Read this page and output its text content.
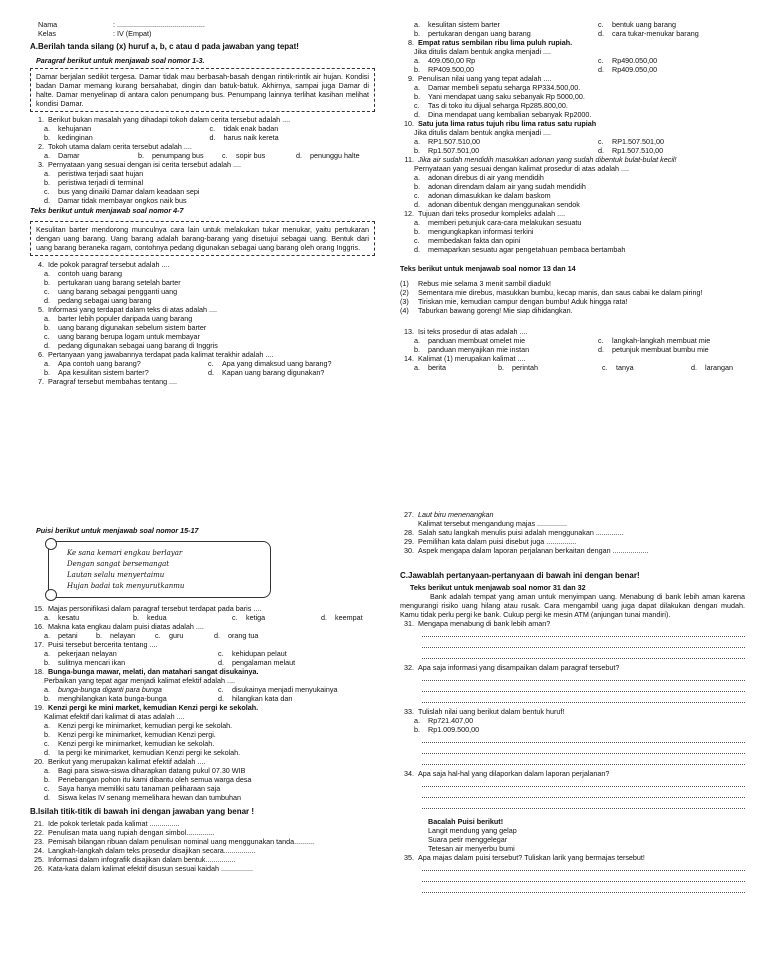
Nama	: ............................................
Kelas	: IV (Empat)
A.Berilah tanda silang (x) huruf a, b, c atau d pada jawaban yang tepat!
Paragraf berikut untuk menjawab soal nomor 1-3.
Damar berjalan sedikit tergesa. Damar tidak mau berbasah-basah dengan rintik-rintik air hujan. Kondisi badan Damar memang kurang bersahabat, dingin dan batuk-batuk. Akhirnya, sampai juga Damar di halte. Damar menyelinap di antara calon penumpang bus. Penumpang lainnya terlihat kasihan melihat kondisi Damar.
1. Berikut bukan masalah yang dihadapi tokoh dalam cerita tersebut adalah ....
a.	kehujanan	c.	tidak enak badan
b.	kedinginan	d.	harus naik kereta
2. Tokoh utama dalam cerita tersebut adalah ....
a.	Damar	b.	penumpang bus	c.	sopir bus	d.	penunggu halte
3. Pernyataan yang sesuai dengan isi cerita tersebut adalah ....
a.	peristiwa terjadi saat hujan
b.	peristiwa terjadi di terminal
c.	bus yang dinaiki Damar dalam keadaan sepi
d.	Damar tidak membayar ongkos naik bus
Teks berikut untuk menjawab soal nomor 4-7
Kesulitan barter mendorong munculnya cara lain untuk melakukan tukar menukar, yaitu pertukaran dengan uang barang. Uang barang adalah barang-barang yang disetujui sebagai uang. Bentuk dari uang barang beraneka ragam, contohnya pedang digunakan sebagai uang barang oleh orang Inggris.
4. Ide pokok paragraf tersebut adalah ....
a.	contoh uang barang
b.	pertukaran uang barang setelah barter
c.	uang barang sebagai pengganti uang
d.	pedang sebagai uang barang
5. Informasi yang terdapat dalam teks di atas adalah ....
a.	barter lebih populer daripada uang barang
b.	uang barang digunakan sebelum sistem barter
c.	uang barang berupa logam untuk membayar
d.	pedang digunakan sebagai uang barang di Inggris
6. Pertanyaan yang jawabannya terdapat pada kalimat terakhir adalah ....
a.	Apa contoh uang barang?	c.	Apa yang dimaksud uang barang?
b.	Apa kesulitan sistem barter?	d.	Kapan uang barang digunakan?
7. Paragraf tersebut membahas tentang ....
a.	kesulitan sistem barter	c.	bentuk uang barang
b.	pertukaran dengan uang barang	d.	cara tukar-menukar barang
8. Empat ratus sembilan ribu lima puluh rupiah.
Jika ditulis dalam bentuk angka menjadi ....
a.	409.050,00 Rp	c.	Rp490.050,00
b.	RP409.500,00	d.	Rp409.050,00
9. Penulisan nilai uang yang tepat adalah ....
a.	Damar membeli sepatu seharga RP334.500,00.
b.	Yani mendapat uang saku sebanyak Rp 5000,00.
c.	Tas di toko itu dijual seharga Rp285.800,00.
d.	Dina mendapat uang kembalian sebanyak Rp2000.
10. Satu juta lima ratus tujuh ribu lima ratus satu rupiah
Jika ditulis dalam bentuk angka menjadi ....
a.	RP1.507.510,00	c.	RP1.507.501,00
b.	Rp1.507.501,00	d.	Rp1.507.510,00
11. Jika air sudah mendidih masukkan adonan yang sudah dibentuk bulat-bulat kecil!
Pernyataan yang sesuai dengan kalimat prosedur di atas adalah ....
a.	adonan direbus di air yang mendidih
b.	adonan direndam dalam air yang sudah mendidih
c.	adonan dimasukkan ke dalam baskom
d.	adonan dibentuk dengan menggunakan sendok
12. Tujuan dari teks prosedur kompleks adalah ....
a.	memberi petunjuk cara-cara melakukan sesuatu
b.	mengungkapkan informasi terkini
c.	membedakan fakta dan opini
d.	memaparkan sesuatu agar pengetahuan pembaca bertambah
Teks berikut untuk menjawab soal nomor 13 dan 14
(1)	Rebus mie selama 3 menit sambil diaduk!
(2)	Sementara mie direbus, masukkan bumbu, kecap manis, dan saus cabai ke dalam piring!
(3)	Tiriskan mie, kemudian campur dengan bumbu! Aduk hingga rata!
(4)	Taburkan bawang goreng! Mie siap dihidangkan.
13. Isi teks prosedur di atas adalah ....
a.	panduan membuat omelet mie	c.	langkah-langkah membuat mie
b.	panduan menyajikan mie instan	d.	petunjuk membuat bumbu mie
14. Kalimat (1) merupakan kalimat ....
a.	berita	b.	perintah	c.	tanya	d.	larangan
Puisi berikut untuk menjawab soal nomor 15-17
Ke sana kemari engkau berlayar
Dengan sangat bersemangat
Lautan selalu menyertaimu
Hujan badai tak menyurutkanmu
15. Majas personifikasi dalam paragraf tersebut terdapat pada baris ....
a.	kesatu	b.	kedua	c.	ketiga	d.	keempat
16. Makna kata engkau dalam puisi diatas adalah ....
a.	petani	b.	nelayan	c.	guru	d.	orang tua
17. Puisi tersebut bercerita tentang ....
a.	pekerjaan nelayan	c.	kehidupan pelaut
b.	sulitnya mencari ikan	d.	pengalaman melaut
18. Bunga-bunga mawar, melati, dan matahari sangat disukainya.
Perbaikan yang tepat agar menjadi kalimat efektif adalah ....
a.	bunga-bunga diganti para bunga	c.	disukainya menjadi menyukainya
b.	menghilangkan kata bunga-bunga	d.	hilangkan kata dan
19. Kenzi pergi ke mini market, kemudian Kenzi pergi ke sekolah.
Kalimat efektif dari kalimat di atas adalah ....
a.	Kenzi pergi ke minimarket, kemudian pergi ke sekolah.
b.	Kenzi pergi ke minimarket, kemudian Kenzi pergi.
c.	Kenzi pergi ke minimarket, kemudian ke sekolah.
d.	Ia pergi ke minimarket, kemudian Kenzi pergi ke sekolah.
20. Berikut yang merupakan kalimat efektif adalah ....
a.	Bagi para siswa-siswa diharapkan datang pukul 07.30 WIB
b.	Penebangan pohon itu kami dibantu oleh semua warga desa
c.	Saya hanya memiliki satu tanaman peliharaan saja
d.	Siswa kelas IV senang memelihara hewan dan tumbuhan
B.Isilah titik-titik di bawah ini dengan jawaban yang benar !
21. Ide pokok terletak pada kalimat ...............
22. Penulisan mata uang rupiah dengan simbol..............
23. Pemisah bilangan ribuan dalam penulisan nominal uang menggunakan tanda..........
24. Langkah-langkah dalam teks prosedur disajikan secara................
25. Informasi dalam infografik disajikan dalam bentuk...............
26. Kata-kata dalam kalimat efektif disusun sesuai kaidah ................
27. Laut biru menenangkan
Kalimat tersebut mengandung majas ...............
28. Salah satu langkah menulis puisi adalah menggunakan ..............
29. Pemilihan kata dalam puisi disebut juga ...............
30. Aspek mengapa dalam laporan perjalanan berkaitan dengan ..................
C.Jawablah pertanyaan-pertanyaan di bawah ini dengan benar!
Teks berikut untuk menjawab soal nomor 31 dan 32
Bank adalah tempat yang aman untuk menyimpan uang. Menabung di bank lebih aman karena mengurangi risiko uang hilang atau rusak. Cara mengambil uang juga dapat dilakukan dengan mudah. Kamu tidak perlu pergi ke bank. Cukup pergi ke mesin ATM (anjungan tunai mandiri).
31. Mengapa menabung di bank lebih aman?
32. Apa saja informasi yang disampaikan dalam paragraf tersebut?
33. Tulislah nilai uang berikut dalam bentuk huruf!
a.	Rp721.407,00
b.	Rp1.009.500,00
34. Apa saja hal-hal yang dilaporkan dalam laporan perjalanan?
Bacalah Puisi berikut!
Langit mendung yang gelap
Suara petir menggelegar
Tetesan air menyerbu bumi
35. Apa majas dalam puisi tersebut? Tuliskan larik yang bermajas tersebut!
